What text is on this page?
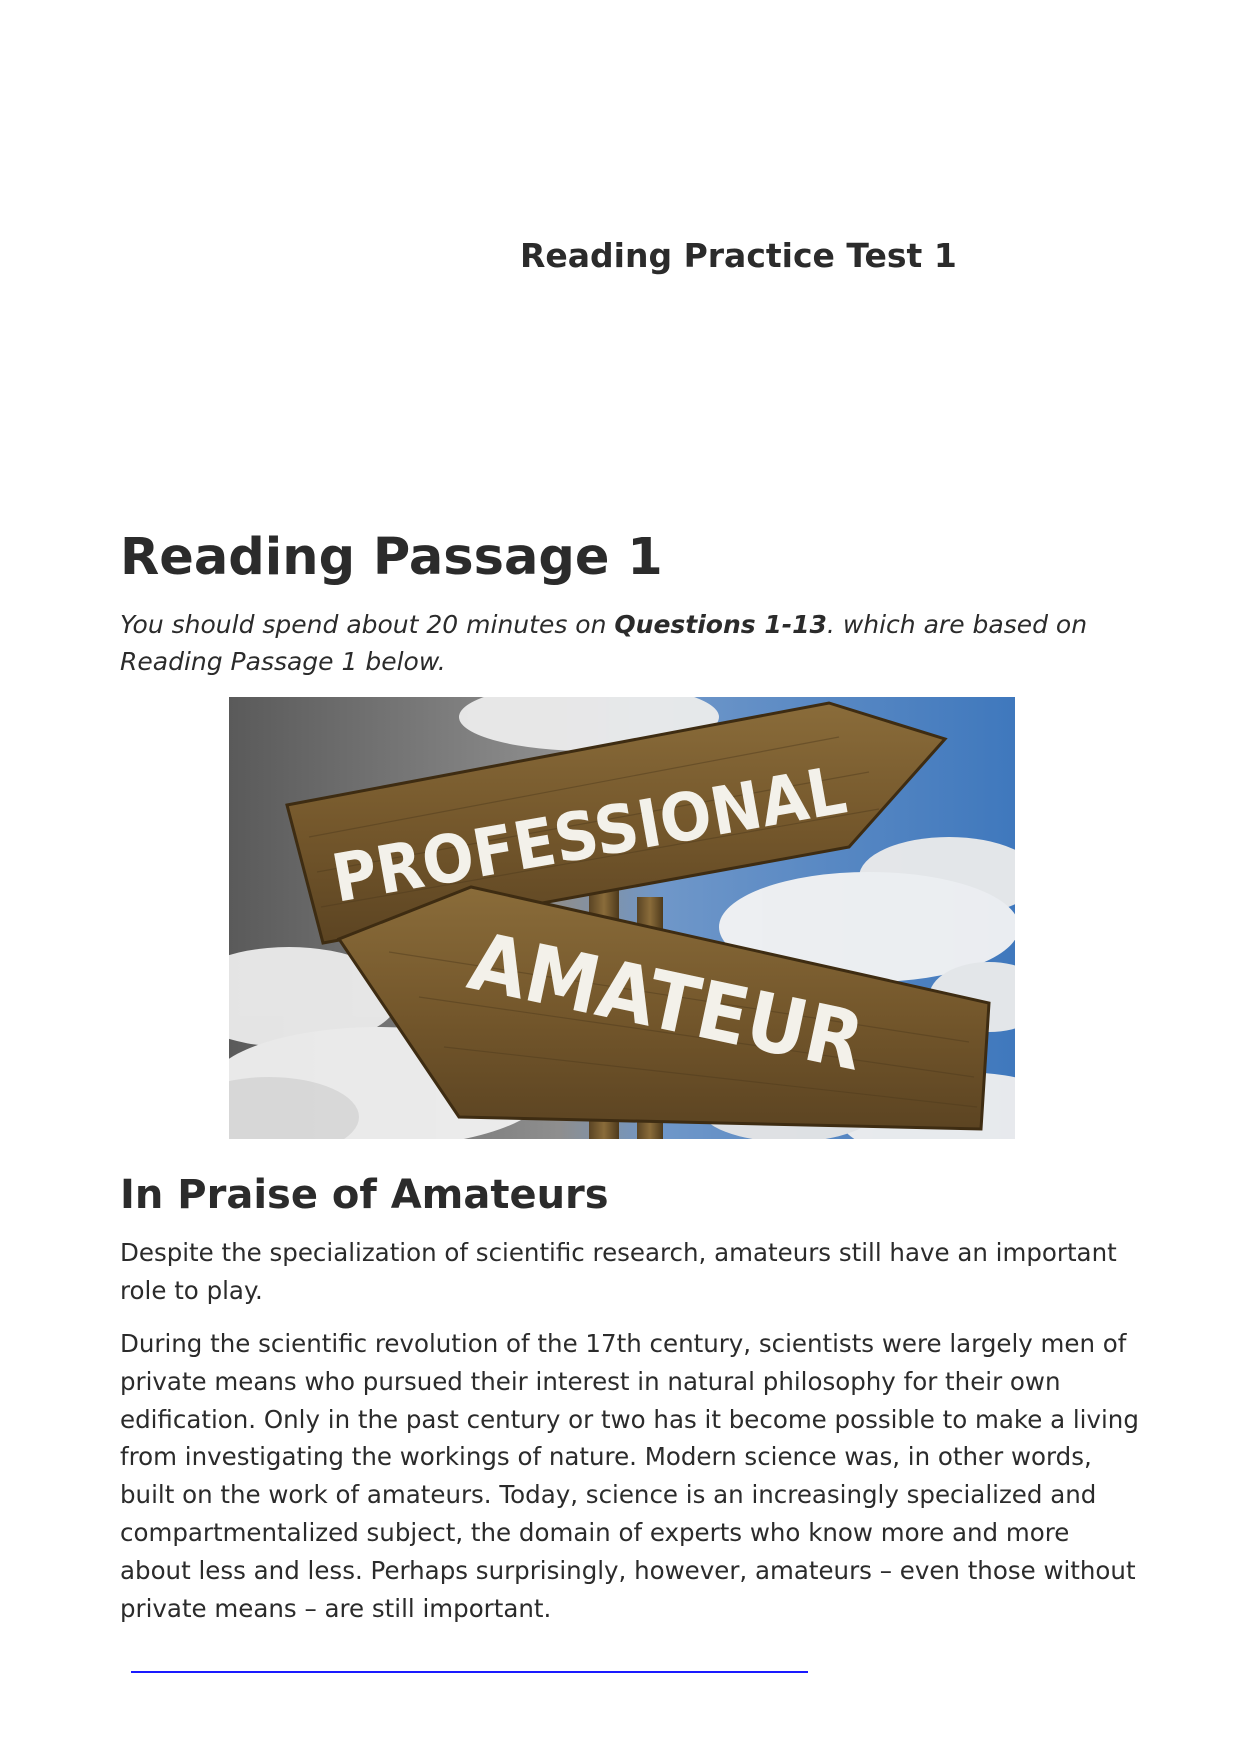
Reading Practice Test 1
Reading Passage 1

You should spend about 20 minutes on Questions 1-13. which are based on Reading Passage 1 below.

PROFESSIONAL
AMATEUR
In Praise of Amateurs

Despite the specialization of scientific research, amateurs still have an important role to play.

During the scientific revolution of the 17th century, scientists were largely men of private means who pursued their interest in natural philosophy for their own edification. Only in the past century or two has it become possible to make a living from investigating the workings of nature. Modern science was, in other words, built on the work of amateurs. Today, science is an increasingly specialized and compartmentalized subject, the domain of experts who know more and more about less and less. Perhaps surprisingly, however, amateurs – even those without private means – are still important.
